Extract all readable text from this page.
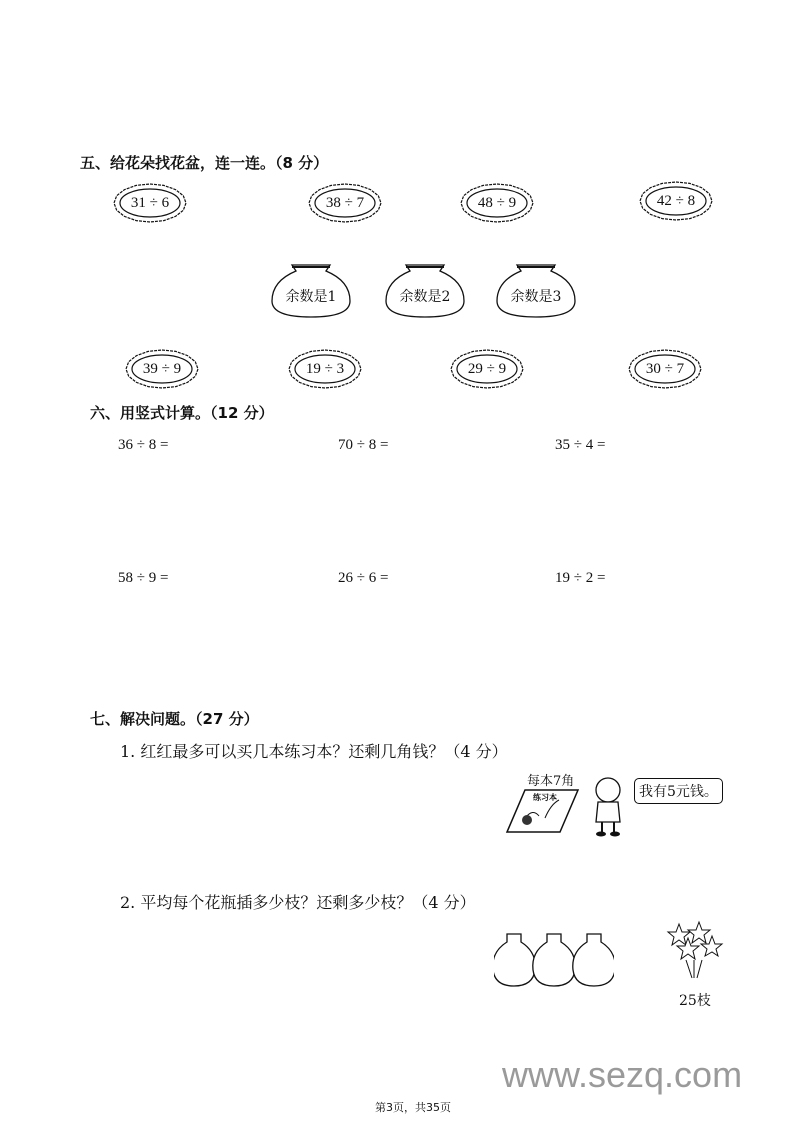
五、给花朵找花盆，连一连。（8 分）
31 ÷ 6	38 ÷ 7	48 ÷ 9	42 ÷ 8
39 ÷ 9	19 ÷ 3	29 ÷ 9	30 ÷ 7
余数是1	余数是2	余数是3
六、用竖式计算。（12 分）
36 ÷ 8 =	70 ÷ 8 =	35 ÷ 4 =
58 ÷ 9 =	26 ÷ 6 =	19 ÷ 2 =
七、解决问题。（27 分）
1. 红红最多可以买几本练习本？还剩几角钱？（4 分）
每本7角
练习本	我有5元钱。
2. 平均每个花瓶插多少枝？还剩多少枝？（4 分）
25枝
www.sezq.com
第3页，共35页
